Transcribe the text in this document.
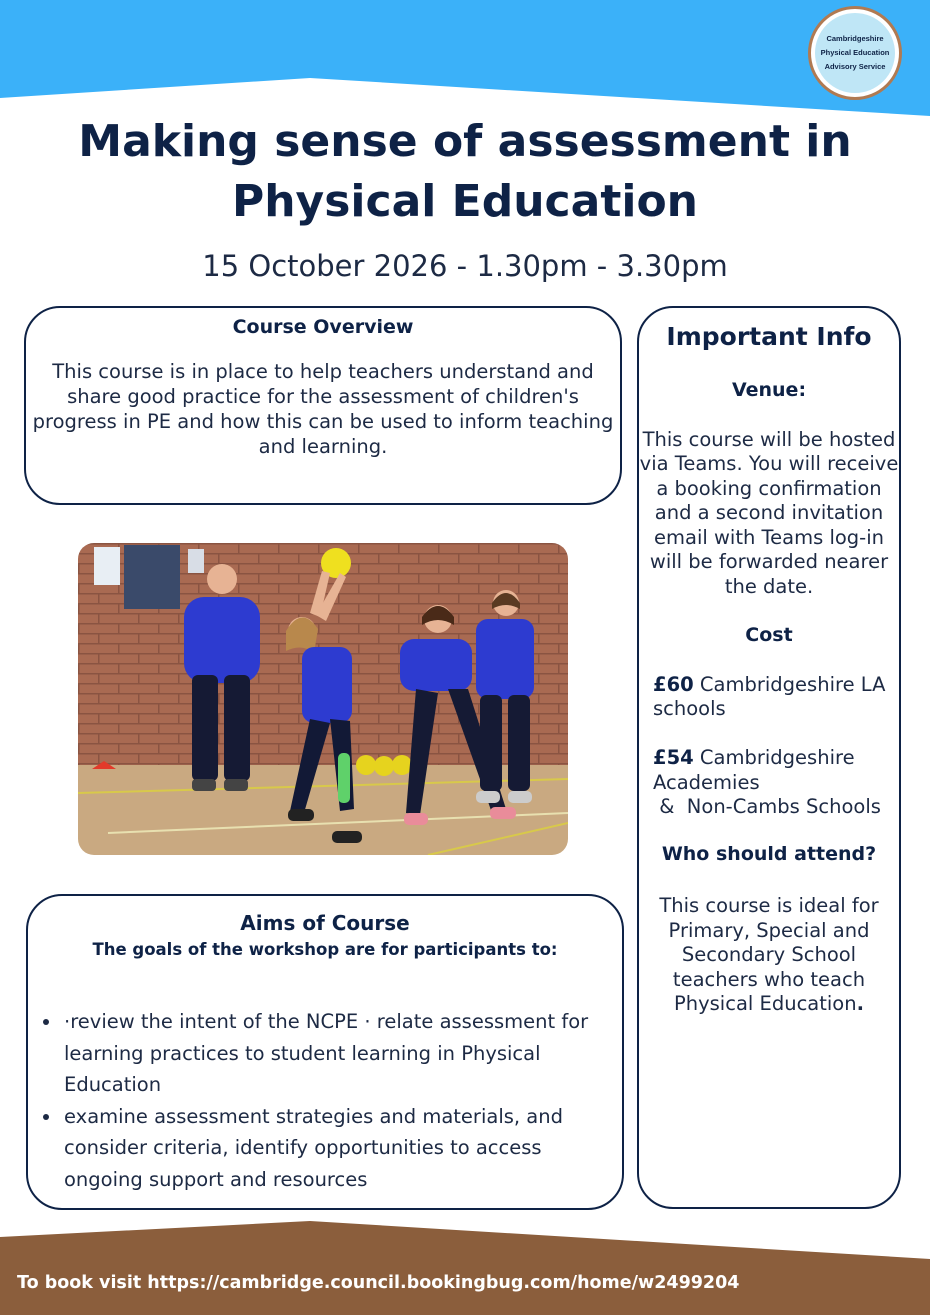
Cambridgeshire
Physical Education
Advisory Service
Making sense of assessment in
Physical Education
15 October 2026 - 1.30pm - 3.30pm

Course Overview

This course is in place to help teachers understand and share good practice for the assessment of children's progress in PE and how this can be used to inform teaching and learning.

Aims of Course

The goals of the workshop are for participants to:

• ·review the intent of the NCPE · relate assessment for learning practices to student learning in Physical Education
• examine assessment strategies and materials, and consider criteria, identify opportunities to access ongoing support and resources

Important Info

Venue:

This course will be hosted via Teams. You will receive a booking confirmation and a second invitation email with Teams log-in will be forwarded nearer the date.

Cost

£60 Cambridgeshire LA schools

£54 Cambridgeshire Academies
&  Non-Cambs Schools

Who should attend?

This course is ideal for Primary, Special and Secondary School teachers who teach Physical Education.

To book visit https://cambridge.council.bookingbug.com/home/w2499204
